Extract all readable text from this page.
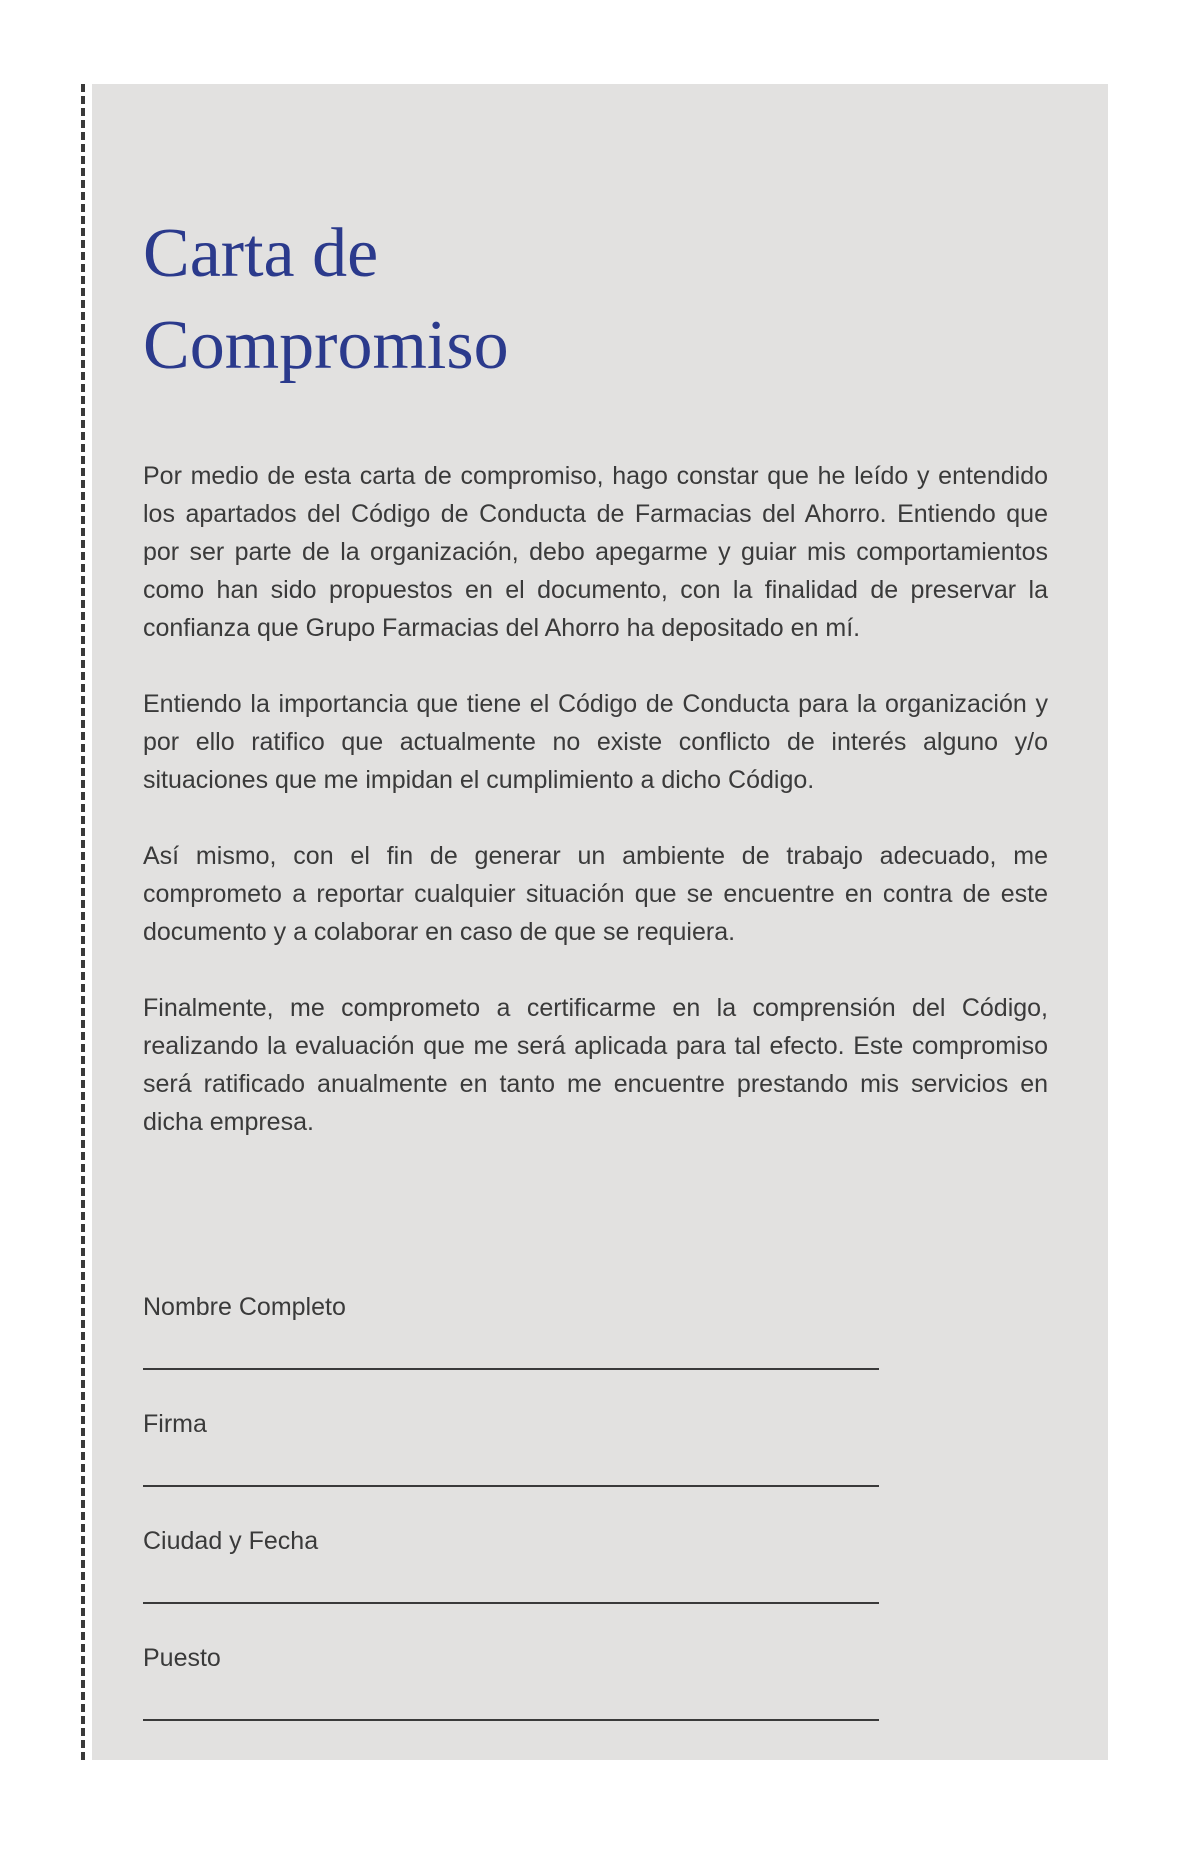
Carta de
Compromiso

Por medio de esta carta de compromiso, hago constar que he leído y entendido los apartados del Código de Conducta de Farmacias del Ahorro. Entiendo que por ser parte de la organización, debo apegarme y guiar mis comportamientos como han sido propuestos en el documento, con la finalidad de preservar la confianza que Grupo Farmacias del Ahorro ha depositado en mí.

Entiendo la importancia que tiene el Código de Conducta para la organización y por ello ratifico que actualmente no existe conflicto de interés alguno y/o situaciones que me impidan el cumplimiento a dicho Código.

Así mismo, con el fin de generar un ambiente de trabajo adecuado, me comprometo a reportar cualquier situación que se encuentre en contra de este documento y a colaborar en caso de que se requiera.

Finalmente, me comprometo a certificarme en la comprensión del Código, realizando la evaluación que me será aplicada para tal efecto. Este compromiso será ratificado anualmente en tanto me encuentre prestando mis servicios en dicha empresa.

Nombre Completo
Firma
Ciudad y Fecha
Puesto
